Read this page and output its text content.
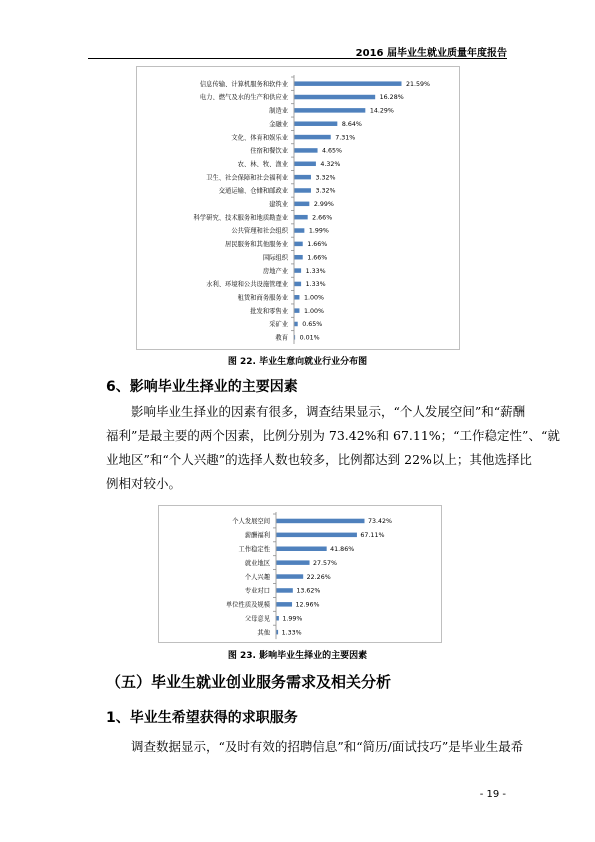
2016 届毕业生就业质量年度报告
信息传输、计算机服务和软件业	21.59%
电力、燃气及水的生产和供应业	16.28%
制造业	14.29%
金融业	8.64%
文化、体育和娱乐业	7.31%
住宿和餐饮业	4.65%
农、林、牧、渔业	4.32%
卫生、社会保障和社会福利业	3.32%
交通运输、仓储和邮政业	3.32%
建筑业	2.99%
科学研究、技术服务和地质勘查业	2.66%
公共管理和社会组织	1.99%
居民服务和其他服务业	1.66%
国际组织	1.66%
房地产业	1.33%
水利、环境和公共设施管理业	1.33%
租赁和商务服务业	1.00%
批发和零售业	1.00%
采矿业 0.65%
教育 0.01%
图 22. 毕业生意向就业行业分布图
6、影响毕业生择业的主要因素
影响毕业生择业的因素有很多，调查结果显示，“个人发展空间”和“薪酬
福利”是最主要的两个因素，比例分别为 73.42%和 67.11%；“工作稳定性”、“就
业地区”和“个人兴趣”的选择人数也较多，比例都达到 22%以上；其他选择比
例相对较小。
个人发展空间	73.42%
薪酬福利	67.11%
工作稳定性	41.86%
就业地区	27.57%
个人兴趣	22.26%
专业对口	13.62%
单位性质及规模	12.96%
父母意见 1.99%
其他 1.33%
图 23. 影响毕业生择业的主要因素
（五）毕业生就业创业服务需求及相关分析
1、毕业生希望获得的求职服务
调查数据显示，“及时有效的招聘信息”和“简历/面试技巧”是毕业生最希
- 19 -
